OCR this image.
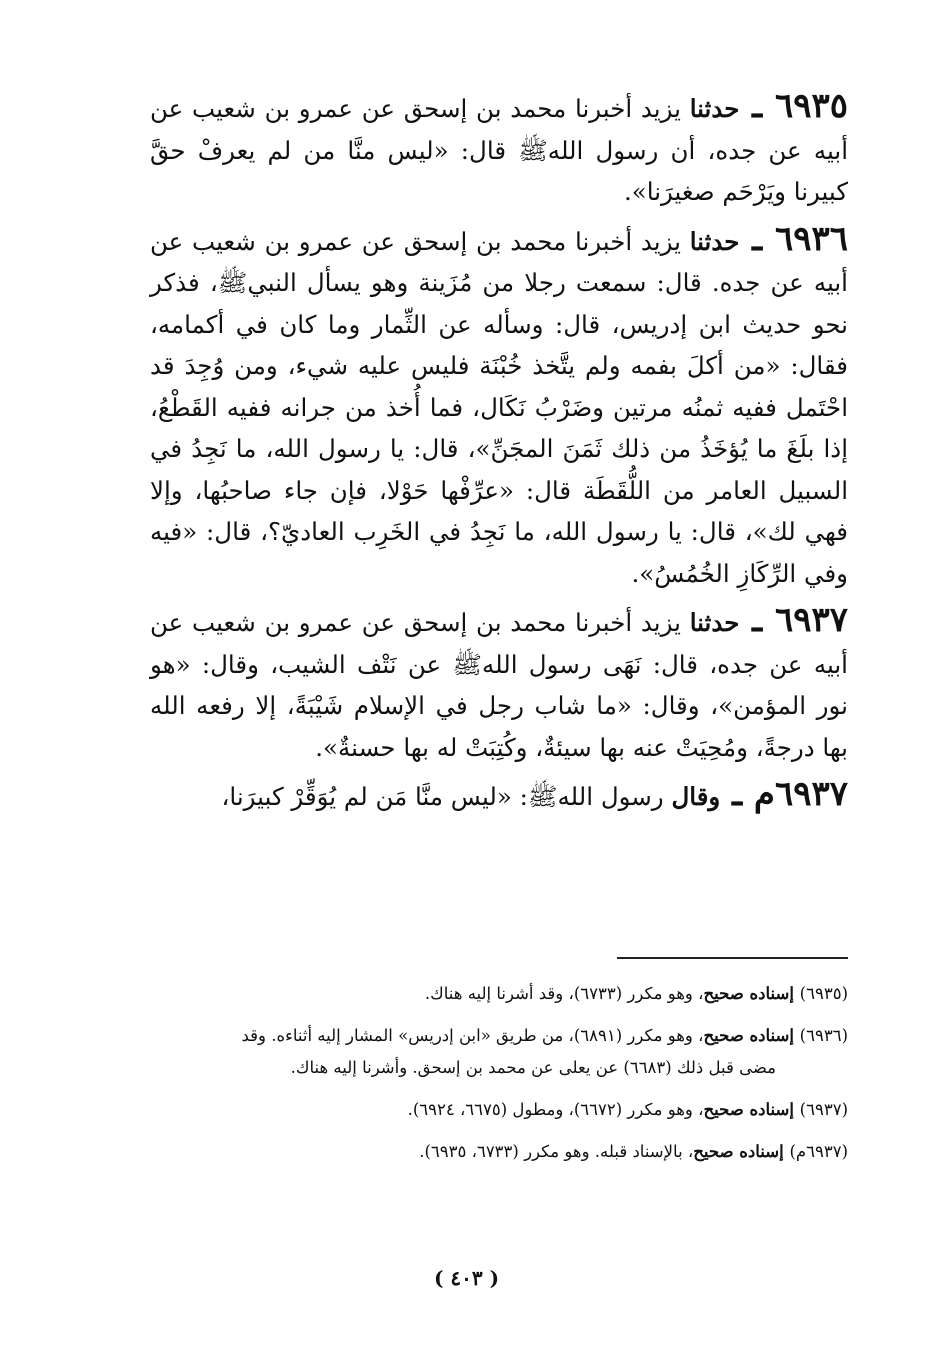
٦٩٣٥ ـ حدثنا يزيد أخبرنا محمد بن إسحق عن عمرو بن شعيب عن أبيه عن جده، أن رسول اللهﷺ قال: «ليس منَّا من لم يعرفْ حقَّ كبيرنا ويَرْحَم صغيرَنا».

٦٩٣٦ ـ حدثنا يزيد أخبرنا محمد بن إسحق عن عمرو بن شعيب عن أبيه عن جده. قال: سمعت رجلا من مُزَينة وهو يسأل النبيﷺ، فذكر نحو حديث ابن إدريس، قال: وسأله عن الثِّمار وما كان في أكمامه، فقال: «من أكلَ بفمه ولم يتَّخذ خُبْنَة فليس عليه شيء، ومن وُجِدَ قد احْتَمل ففيه ثمنُه مرتين وضَرْبُ نَكَال، فما أُخذ من جرانه ففيه القَطْعُ، إذا بلَغَ ما يُؤخَذُ من ذلك ثَمَنَ المجَنِّ»، قال: يا رسول الله، ما نَجِدُ في السبيل العامر من اللُّقَطَة قال: «عرِّفْها حَوْلا، فإن جاء صاحبُها، وإلا فهي لك»، قال: يا رسول الله، ما نَجِدُ في الخَرِب العاديّ؟، قال: «فيه وفي الرِّكَازِ الخُمُسُ».

٦٩٣٧ ـ حدثنا يزيد أخبرنا محمد بن إسحق عن عمرو بن شعيب عن أبيه عن جده، قال: نَهَى رسول اللهﷺ عن نَتْف الشيب، وقال: «هو نور المؤمن»، وقال: «ما شاب رجل في الإسلام شَيْبَةً، إلا رفعه الله بها درجةً، ومُحِيَتْ عنه بها سيئةٌ، وكُتِبَتْ له بها حسنةٌ».

٦٩٣٧م ـ وقال رسول اللهﷺ: «ليس منَّا مَن لم يُوَقِّرْ كبيرَنا،

(٦٩٣٥) إسناده صحيح، وهو مكرر (٦٧٣٣)، وقد أشرنا إليه هناك.

(٦٩٣٦) إسناده صحيح، وهو مكرر (٦٨٩١)، من طريق «ابن إدريس» المشار إليه أثناءه. وقد
مضى قبل ذلك (٦٦٨٣) عن يعلى عن محمد بن إسحق. وأشرنا إليه هناك.

(٦٩٣٧) إسناده صحيح، وهو مكرر (٦٦٧٢)، ومطول (٦٦٧٥، ٦٩٢٤).

(٦٩٣٧م) إسناده صحيح، بالإسناد قبله. وهو مكرر (٦٧٣٣، ٦٩٣٥).

( ٤٠٣ )
